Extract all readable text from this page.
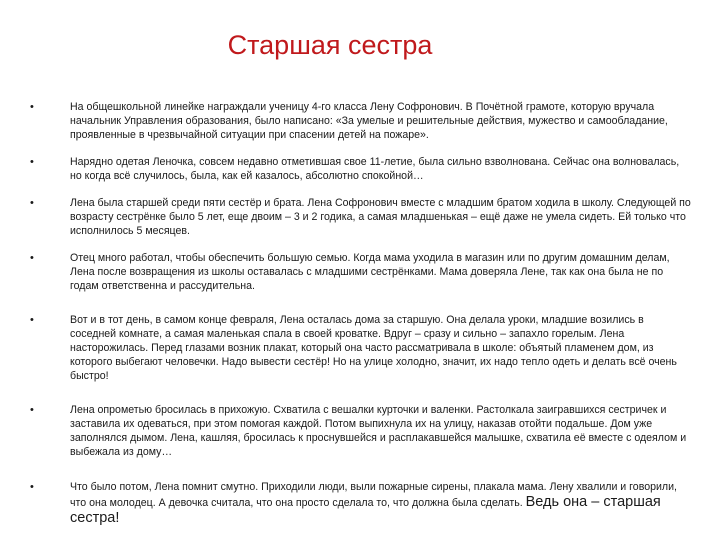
Старшая сестра
•	На общешкольной линейке награждали ученицу 4-го класса Лену Софронович. В Почётной грамоте, которую вручала начальник Управления образования, было написано: «За умелые и решительные действия, мужество и самообладание, проявленные в чрезвычайной ситуации при спасении детей на пожаре».
•	Нарядно одетая Леночка, совсем недавно отметившая свое 11-летие, была сильно взволнована. Сейчас она волновалась, но когда всё случилось, была, как ей казалось, абсолютно спокойной…
•	Лена была старшей среди пяти сестёр и брата. Лена Софронович вместе с младшим братом ходила в школу. Следующей по возрасту сестрёнке было 5 лет, еще двоим – 3 и 2 годика, а самая младшенькая – ещё даже не умела сидеть. Ей только что исполнилось 5 месяцев.
•	Отец много работал, чтобы обеспечить большую семью. Когда мама уходила в магазин или по другим домашним делам, Лена после возвращения из школы оставалась с младшими сестрёнками. Мама доверяла Лене, так как она была не по годам ответственна и рассудительна.
•	Вот и в тот день, в самом конце февраля, Лена осталась дома за старшую. Она делала уроки, младшие возились в соседней комнате, а самая маленькая спала в своей кроватке. Вдруг – сразу и сильно – запахло горелым. Лена насторожилась. Перед глазами возник плакат, который она часто рассматривала в школе: объятый пламенем дом, из которого выбегают человечки. Надо вывести сестёр! Но на улице холодно, значит, их надо тепло одеть и делать всё очень быстро!
•	Лена опрометью бросилась в прихожую. Схватила с вешалки курточки и валенки. Растолкала заигравшихся сестричек и заставила их одеваться, при этом помогая каждой. Потом выпихнула их на улицу, наказав отойти подальше. Дом уже заполнялся дымом. Лена, кашляя, бросилась к проснувшейся и расплакавшейся малышке, схватила её вместе с одеялом и выбежала из дому…
•	Что было потом, Лена помнит смутно. Приходили люди, выли пожарные сирены, плакала мама. Лену хвалили и говорили, что она молодец. А девочка считала, что она просто сделала то, что должна была сделать. Ведь она – старшая сестра!
